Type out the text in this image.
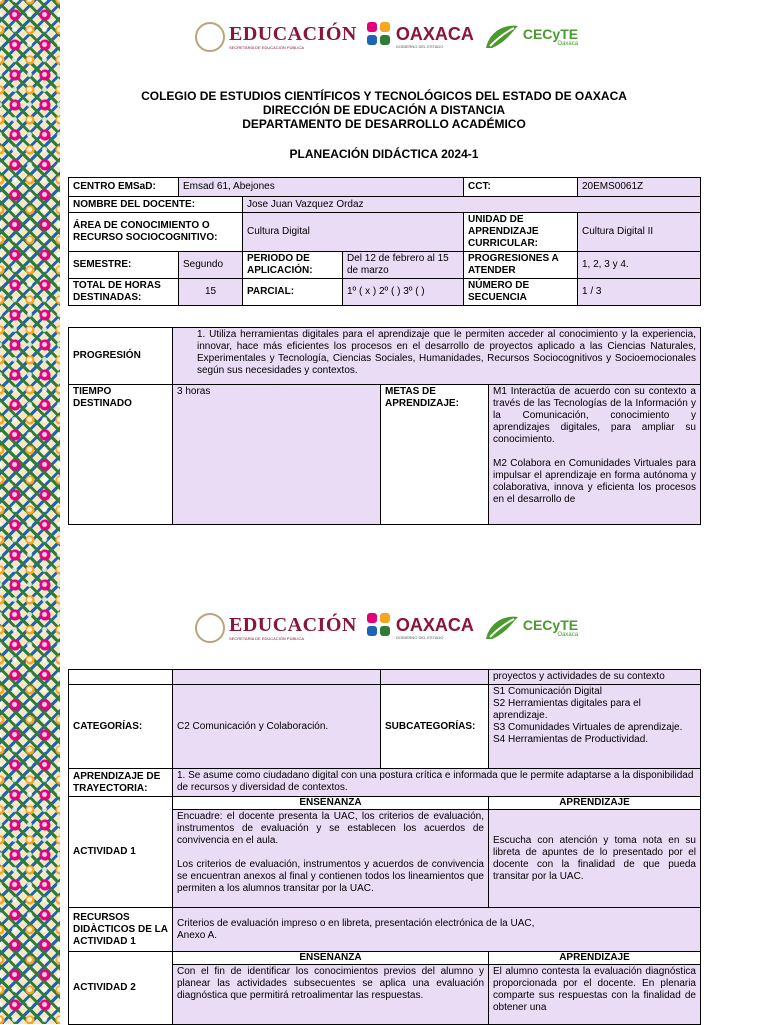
EDUCACIÓN
SECRETARÍA DE EDUCACIÓN PÚBLICA
OAXACA
GOBIERNO DEL ESTADO
CECyTE
Oaxaca
COLEGIO DE ESTUDIOS CIENTÍFICOS Y TECNOLÓGICOS DEL ESTADO DE OAXACA
DIRECCIÓN DE EDUCACIÓN A DISTANCIA
DEPARTAMENTO DE DESARROLLO ACADÉMICO
PLANEACIÓN DIDÁCTICA 2024-1
CENTRO EMSaD:	Emsad 61, Abejones			CCT:	20EMS0061Z
NOMBRE DEL DOCENTE:		Jose Juan Vazquez Ordaz			
ÁREA DE CONOCIMIENTO O RECURSO SOCIOCOGNITIVO:		Cultura Digital		UNIDAD DE APRENDIZAJE CURRICULAR:	Cultura Digital II
SEMESTRE:	Segundo	PERIODO DE APLICACIÓN:	Del 12 de febrero al 15 de marzo	PROGRESIONES A ATENDER	1, 2, 3 y 4.
TOTAL DE HORAS DESTINADAS:	15	PARCIAL:	1º ( x ) 2º ( ) 3º ( )	NÚMERO DE SECUENCIA	1 / 3
PROGRESIÓN	1. Utiliza herramientas digitales para el aprendizaje que le permiten acceder al conocimiento y la experiencia, innovar, hace más eficientes los procesos en el desarrollo de proyectos aplicado a las Ciencias Naturales, Experimentales y Tecnología, Ciencias Sociales, Humanidades, Recursos Sociocognitivos y Socioemocionales según sus necesidades y contextos.		
TIEMPO DESTINADO	3 horas	METAS DE APRENDIZAJE:	M1 Interactúa de acuerdo con su contexto a través de las Tecnologías de la Información y la Comunicación, conocimiento y aprendizajes digitales, para ampliar su conocimiento.
M2 Colabora en Comunidades Virtuales para impulsar el aprendizaje en forma autónoma y colaborativa, innova y eficienta los procesos en el desarrollo de
EDUCACIÓN
SECRETARÍA DE EDUCACIÓN PÚBLICA
OAXACA
GOBIERNO DEL ESTADO
CECyTE
Oaxaca
			proyectos y actividades de su contexto
CATEGORÍAS:	C2 Comunicación y Colaboración.	SUBCATEGORÍAS:	S1 Comunicación Digital
S2 Herramientas digitales para el aprendizaje.
S3 Comunidades Virtuales de aprendizaje.
S4 Herramientas de Productividad.

APRENDIZAJE DE TRAYECTORIA:	1. Se asume como ciudadano digital con una postura crítica e informada que le permite adaptarse a la disponibilidad de recursos y diversidad de contextos.		
ACTIVIDAD 1	ENSEÑANZA		APRENDIZAJE

	Encuadre: el docente presenta la UAC, los criterios de evaluación, instrumentos de evaluación y se establecen los acuerdos de convivencia en el aula.
Los criterios de evaluación, instrumentos y acuerdos de convivencia se encuentran anexos al final y contienen todos los lineamientos que permiten a los alumnos transitar por la UAC.		Escucha con atención y toma nota en su libreta de apuntes de lo presentado por el docente con la finalidad de que pueda transitar por la UAC.
RECURSOS DIDÀCTICOS DE LA ACTIVIDAD 1	Criterios de evaluación impreso o en libreta, presentación electrónica de la UAC,
Anexo A.		

ACTIVIDAD 2	ENSEÑANZA		APRENDIZAJE
	Con el fin de identificar los conocimientos previos del alumno y planear las actividades subsecuentes se aplica una evaluación diagnóstica que permitirá retroalimentar las respuestas.		El alumno contesta la evaluación diagnóstica proporcionada por el docente. En plenaria comparte sus respuestas con la finalidad de obtener una
